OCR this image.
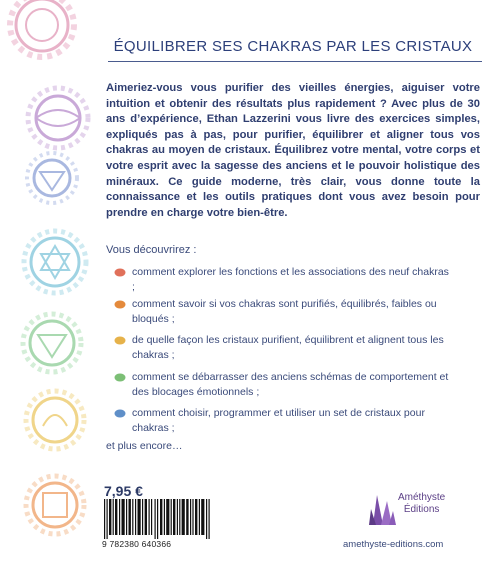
ÉQUILIBRER SES CHAKRAS PAR LES CRISTAUX

Aimeriez-vous vous purifier des vieilles énergies, aiguiser votre intuition et obtenir des résultats plus rapidement ? Avec plus de 30 ans d’expérience, Ethan Lazzerini vous livre des exercices simples, expliqués pas à pas, pour purifier, équilibrer et aligner tous vos chakras au moyen de cristaux. Équilibrez votre mental, votre corps et votre esprit avec la sagesse des anciens et le pouvoir holistique des minéraux. Ce guide moderne, très clair, vous donne toute la connaissance et les outils pratiques dont vous avez besoin pour prendre en charge votre bien-être.

Vous découvrirez :
comment explorer les fonctions et les associations des neuf chakras ;
comment savoir si vos chakras sont purifiés, équilibrés, faibles ou bloqués ;
de quelle façon les cristaux purifient, équilibrent et alignent tous les chakras ;
comment se débarrasser des anciens schémas de comportement et des blocages émotionnels ;
comment choisir, programmer et utiliser un set de cristaux pour chakras ;
et plus encore…
7,95 €
9 782380 640366
Améthyste
Éditions
amethyste-editions.com
